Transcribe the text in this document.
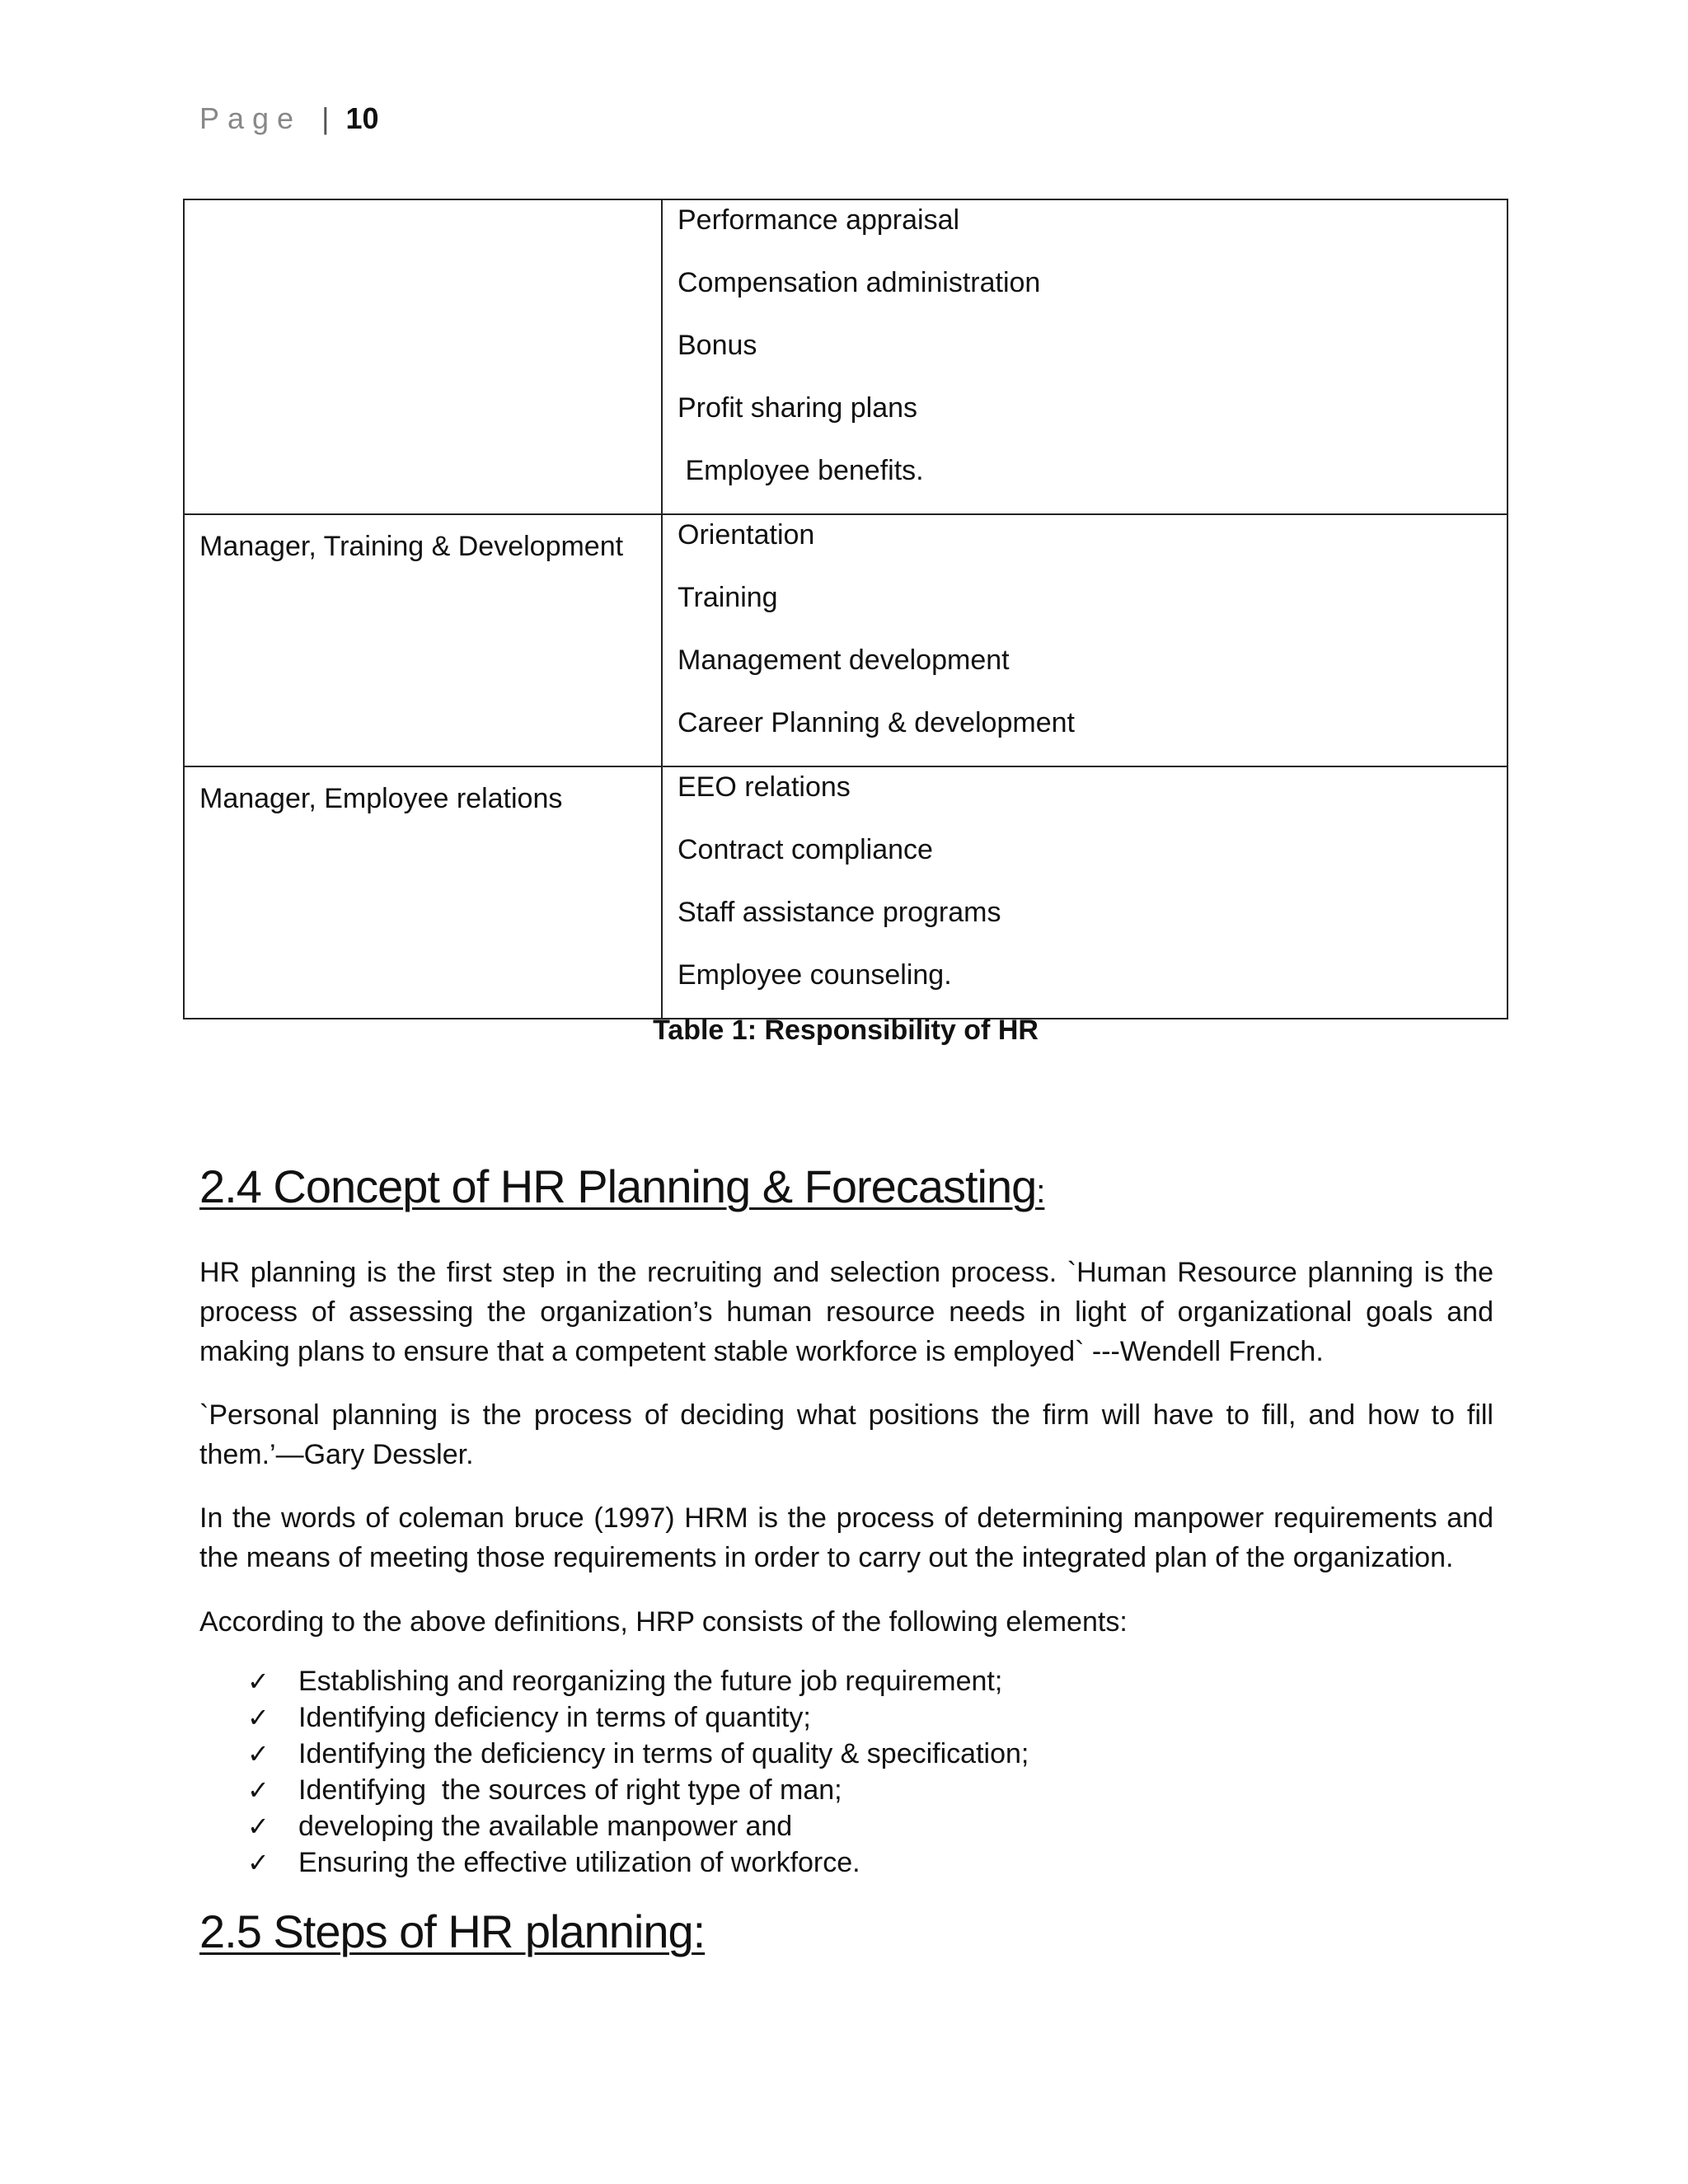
Page | 10

	Performance appraisal
Compensation administration
Bonus
Profit sharing plans
Employee benefits.

Manager, Training & Development	Orientation
Training
Management development
Career Planning & development

Manager, Employee relations	EEO relations
Contract compliance
Staff assistance programs
Employee counseling.
Table 1: Responsibility of HR
2.4 Concept of HR Planning & Forecasting:
HR planning is the first step in the recruiting and selection process. `Human Resource planning is the process of assessing the organization’s human resource needs in light of organizational goals and making plans to ensure that a competent stable workforce is employed` ---Wendell French.
`Personal planning is the process of deciding what positions the firm will have to fill, and how to fill them.’—Gary Dessler.
In the words of coleman bruce (1997) HRM is the process of determining manpower requirements and the means of meeting those requirements in order to carry out the integrated plan of the organization.
According to the above definitions, HRP consists of the following elements:
✓ Establishing and reorganizing the future job requirement;
✓ Identifying deficiency in terms of quantity;
✓ Identifying the deficiency in terms of quality & specification;
✓ Identifying  the sources of right type of man;
✓ developing the available manpower and
✓ Ensuring the effective utilization of workforce.
2.5 Steps of HR planning:
